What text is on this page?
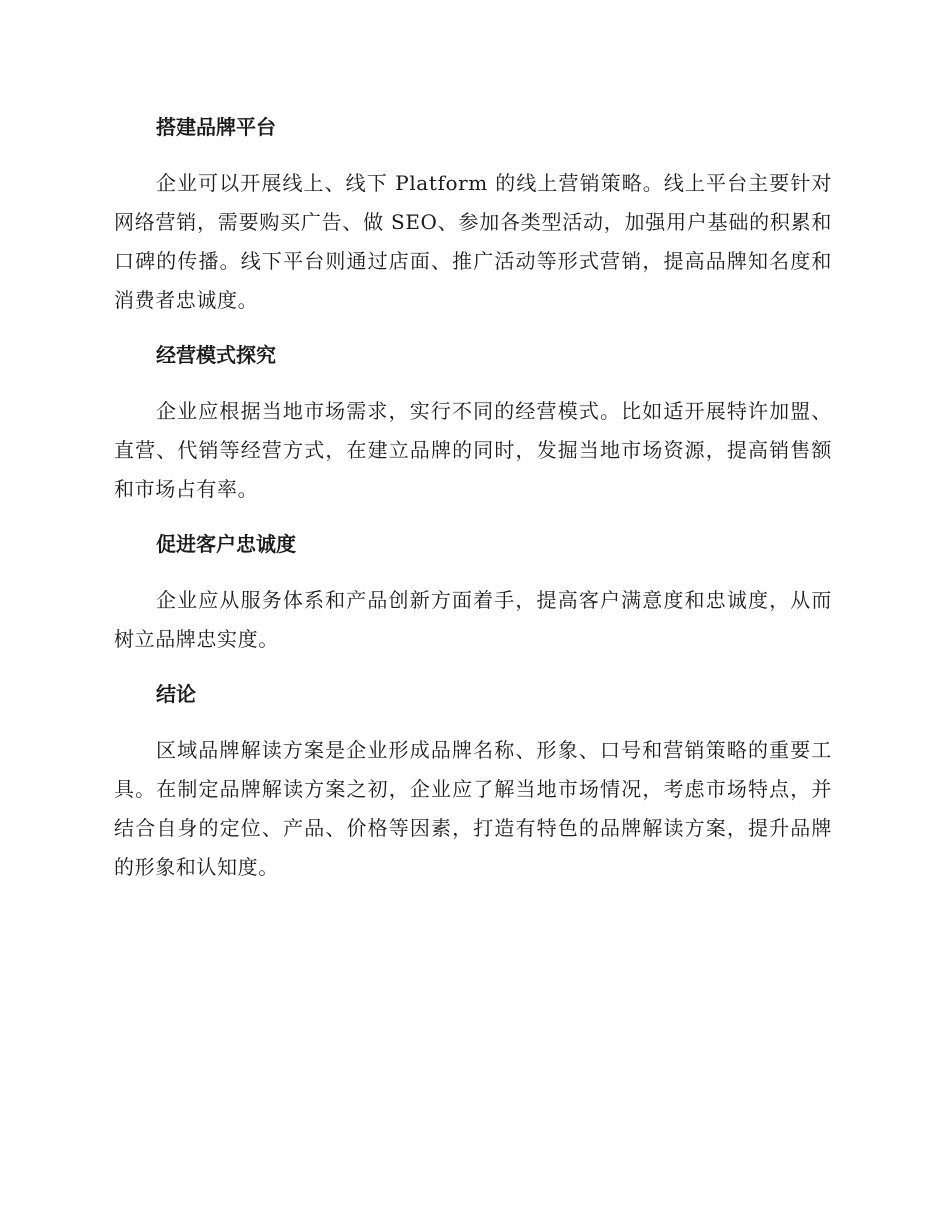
搭建品牌平台

企业可以开展线上、线下 Platform 的线上营销策略。线上平台主要针对网络营销，需要购买广告、做 SEO、参加各类型活动，加强用户基础的积累和口碑的传播。线下平台则通过店面、推广活动等形式营销，提高品牌知名度和消费者忠诚度。

经营模式探究

企业应根据当地市场需求，实行不同的经营模式。比如适开展特许加盟、直营、代销等经营方式，在建立品牌的同时，发掘当地市场资源，提高销售额和市场占有率。

促进客户忠诚度

企业应从服务体系和产品创新方面着手，提高客户满意度和忠诚度，从而树立品牌忠实度。

结论

区域品牌解读方案是企业形成品牌名称、形象、口号和营销策略的重要工具。在制定品牌解读方案之初，企业应了解当地市场情况，考虑市场特点，并结合自身的定位、产品、价格等因素，打造有特色的品牌解读方案，提升品牌的形象和认知度。
